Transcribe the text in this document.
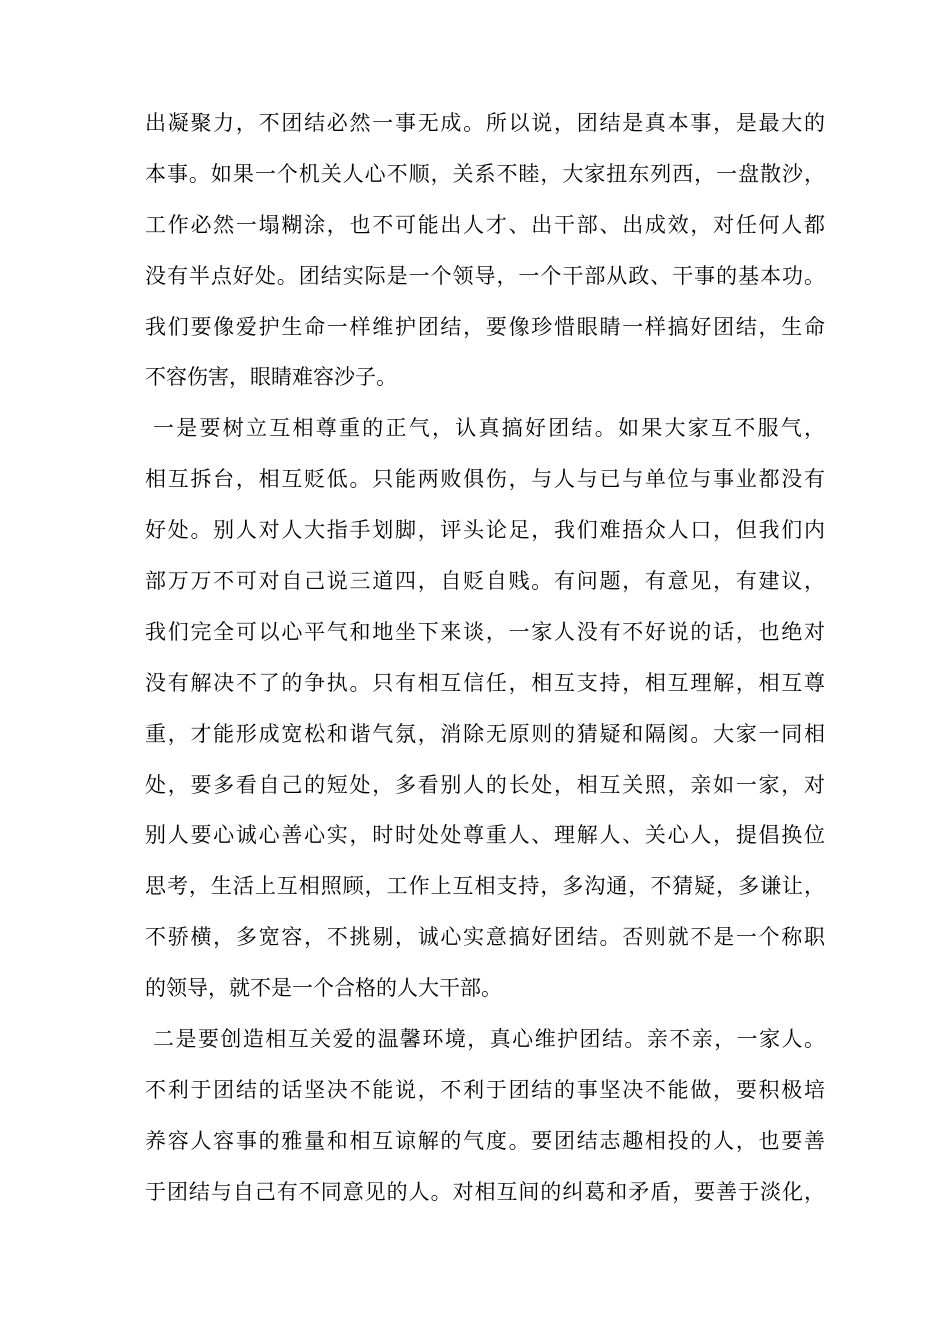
出凝聚力，不团结必然一事无成。所以说，团结是真本事，是最大的
本事。如果一个机关人心不顺，关系不睦，大家扭东列西，一盘散沙，
工作必然一塌糊涂，也不可能出人才、出干部、出成效，对任何人都
没有半点好处。团结实际是一个领导，一个干部从政、干事的基本功。
我们要像爱护生命一样维护团结，要像珍惜眼睛一样搞好团结，生命
不容伤害，眼睛难容沙子。
一是要树立互相尊重的正气，认真搞好团结。如果大家互不服气，
相互拆台，相互贬低。只能两败俱伤，与人与已与单位与事业都没有
好处。别人对人大指手划脚，评头论足，我们难捂众人口，但我们内
部万万不可对自己说三道四，自贬自贱。有问题，有意见，有建议，
我们完全可以心平气和地坐下来谈，一家人没有不好说的话，也绝对
没有解决不了的争执。只有相互信任，相互支持，相互理解，相互尊
重，才能形成宽松和谐气氛，消除无原则的猜疑和隔阂。大家一同相
处，要多看自己的短处，多看别人的长处，相互关照，亲如一家，对
别人要心诚心善心实，时时处处尊重人、理解人、关心人，提倡换位
思考，生活上互相照顾，工作上互相支持，多沟通，不猜疑，多谦让，
不骄横，多宽容，不挑剔，诚心实意搞好团结。否则就不是一个称职
的领导，就不是一个合格的人大干部。
二是要创造相互关爱的温馨环境，真心维护团结。亲不亲，一家人。
不利于团结的话坚决不能说，不利于团结的事坚决不能做，要积极培
养容人容事的雅量和相互谅解的气度。要团结志趣相投的人，也要善
于团结与自己有不同意见的人。对相互间的纠葛和矛盾，要善于淡化，
